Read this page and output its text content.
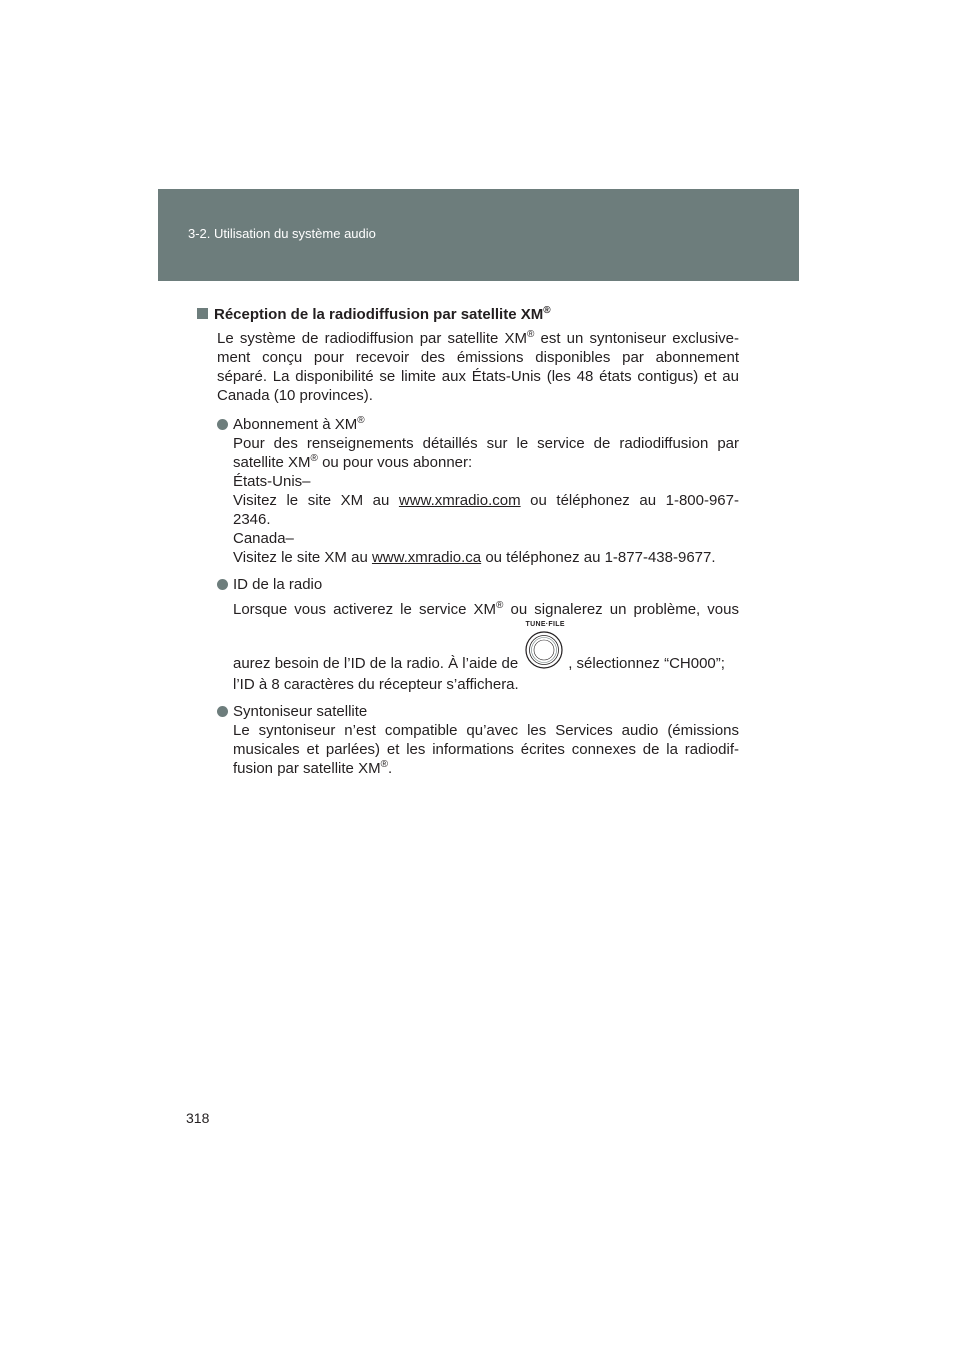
3-2. Utilisation du système audio
Réception de la radiodiffusion par satellite XM®
Le système de radiodiffusion par satellite XM® est un syntoniseur exclusive-
ment conçu pour recevoir des émissions disponibles par abonnement
séparé. La disponibilité se limite aux États-Unis (les 48 états contigus) et au
Canada (10 provinces).
Abonnement à XM®
Pour des renseignements détaillés sur le service de radiodiffusion par
satellite XM® ou pour vous abonner:
États-Unis–
Visitez le site XM au www.xmradio.com ou téléphonez au 1-800-967-
2346.
Canada–
Visitez le site XM au www.xmradio.ca ou téléphonez au 1-877-438-9677.
ID de la radio
Lorsque vous activerez le service XM® ou signalerez un problème, vous
aurez besoin de l’ID de la radio. À l’aide de
TUNE·FILE
, sélectionnez “CH000”;
l’ID à 8 caractères du récepteur s’affichera.
Syntoniseur satellite
Le syntoniseur n’est compatible qu’avec les Services audio (émissions
musicales et parlées) et les informations écrites connexes de la radiodif-
fusion par satellite XM®.
318
